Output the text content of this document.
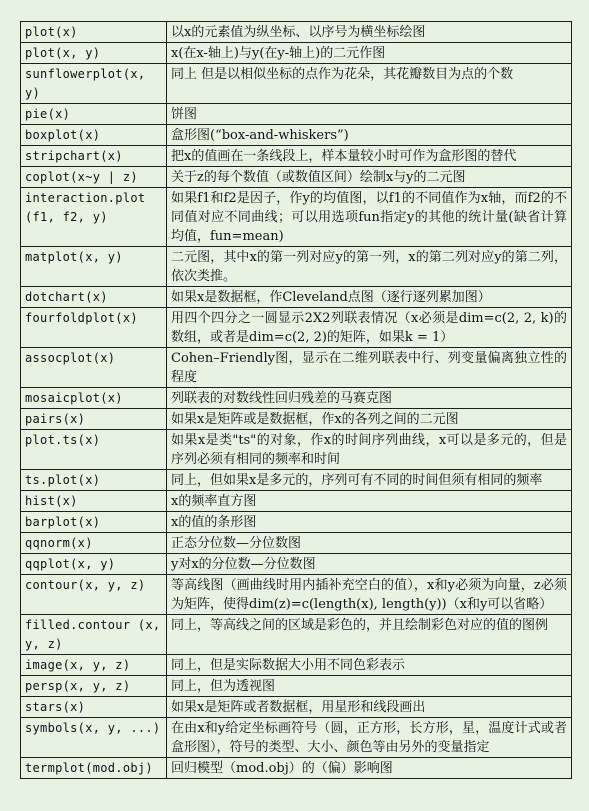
plot(x)	以x的元素值为纵坐标、以序号为横坐标绘图
plot(x, y)	x(在x-轴上)与y(在y-轴上)的二元作图
sunflowerplot(x, y)	同上 但是以相似坐标的点作为花朵，其花瓣数目为点的个数
pie(x)	饼图
boxplot(x)	盒形图(“box-and-whiskers”)
stripchart(x)	把x的值画在一条线段上，样本量较小时可作为盒形图的替代
coplot(x~y | z)	关于z的每个数值（或数值区间）绘制x与y的二元图
interaction.plot (f1, f2, y)	如果f1和f2是因子，作y的均值图，以f1的不同值作为x轴，而f2的不同值对应不同曲线；可以用选项fun指定y的其他的统计量(缺省计算均值，fun=mean)
matplot(x, y)	二元图，其中x的第一列对应y的第一列，x的第二列对应y的第二列，依次类推。
dotchart(x)	如果x是数据框，作Cleveland点图（逐行逐列累加图）
fourfoldplot(x)	用四个四分之一圆显示2X2列联表情况（x必须是dim=c(2, 2, k)的数组，或者是dim=c(2, 2)的矩阵，如果k = 1）
assocplot(x)	Cohen–Friendly图，显示在二维列联表中行、列变量偏离独立性的程度
mosaicplot(x)	列联表的对数线性回归残差的马赛克图
pairs(x)	如果x是矩阵或是数据框，作x的各列之间的二元图
plot.ts(x)	如果x是类"ts"的对象，作x的时间序列曲线，x可以是多元的，但是序列必须有相同的频率和时间
ts.plot(x)	同上，但如果x是多元的，序列可有不同的时间但须有相同的频率
hist(x)	x的频率直方图
barplot(x)	x的值的条形图
qqnorm(x)	正态分位数—分位数图
qqplot(x, y)	y对x的分位数—分位数图
contour(x, y, z)	等高线图（画曲线时用内插补充空白的值），x和y必须为向量，z必须为矩阵，使得dim(z)=c(length(x), length(y))（x和y可以省略）
filled.contour (x, y, z)	同上，等高线之间的区域是彩色的，并且绘制彩色对应的值的图例
image(x, y, z)	同上，但是实际数据大小用不同色彩表示
persp(x, y, z)	同上，但为透视图
stars(x)	如果x是矩阵或者数据框，用星形和线段画出
symbols(x, y, ...)	在由x和y给定坐标画符号（圆，正方形，长方形，星，温度计式或者盒形图），符号的类型、大小、颜色等由另外的变量指定
termplot(mod.obj)	回归模型（mod.obj）的（偏）影响图
